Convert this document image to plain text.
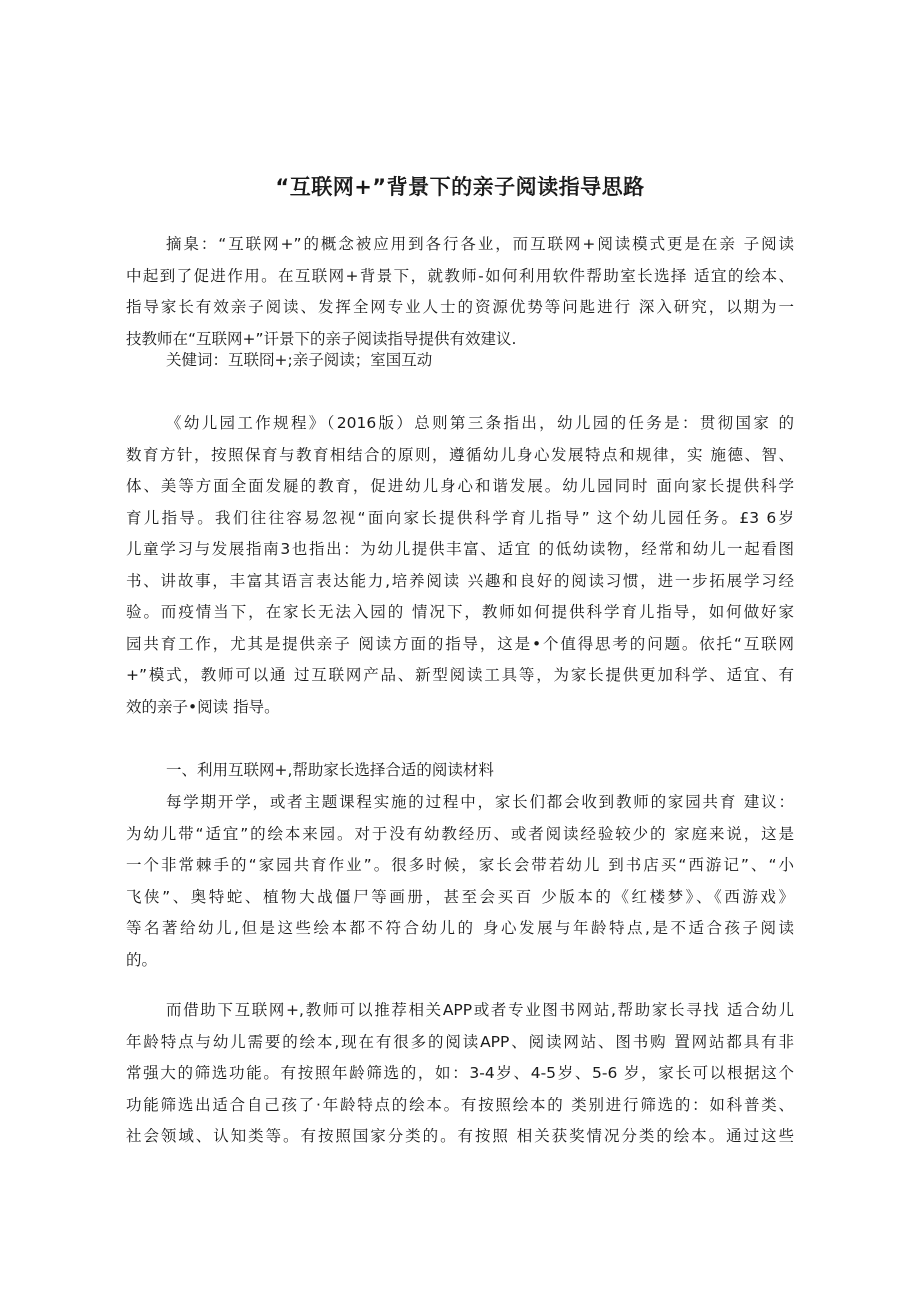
“互联网+”背景下的亲子阅读指导思路
摘臬：“互联网+”的概念被应用到各行各业，而互联网+阅读模式更是在亲 子阅读
中起到了促进作用。在互联网+背景下，就教师-如何利用软件帮助室长选择 适宜的绘本、
指导家长有效亲子阅读、发挥全网专业人士的资源优势等问匙进行 深入研究，以期为一
技教师在“互联网+”讦景下的亲子阅读指导提供有效建议.
关健词：互联冏+;亲子阅读；室国互动
《幼儿园工作规程》（2016版）总则第三条指出，幼儿园的任务是：贯彻国家 的
数育方针，按照保育与教育相结合的原则，遵循幼儿身心发展特点和规律，实 施德、智、
体、美等方面全面发屣的教育，促进幼儿身心和谐发展。幼儿园同时 面向家长提供科学
育儿指导。我们往往容易忽视“面向家长提供科学育儿指导” 这个幼儿园任务。£3 6岁
儿童学习与发展指南3也指出：为幼儿提供丰富、适宜 的低幼读物，经常和幼儿一起看图
书、讲故事，丰富其语言表达能力,培养阅读 兴趣和良好的阅读习惯，进一步拓展学习经
验。而疫情当下，在家长无法入园的 情况下，教师如何提供科学育儿指导，如何做好家
园共育工作，尤其是提供亲子 阅读方面的指导，这是•个值得思考的问题。依托“互联网
+”模式，教师可以通 过互联网产品、新型阅读工具等，为家长提供更加科学、适宜、有
效的亲子•阅读 指导。
一、利用互联网+,帮助家长选择合适的阅读材料
每学期开学，或者主题课程实施的过程中，家长们都会收到教师的家园共育 建议：
为幼儿带“适宜”的绘本来园。对于没有幼教经历、或者阅读经验较少的 家庭来说，这是
一个非常棘手的“家园共育作业”。很多时候，家长会带若幼儿 到书店买“西游记”、“小
飞侠”、奥特蛇、植物大战僵尸等画册，甚至会买百 少版本的《红楼梦》、《西游戏》
等名著给幼儿,但是这些绘本都不符合幼儿的 身心发展与年龄特点,是不适合孩子阅读
的。
而借助下互联网+,教师可以推荐相关APP或者专业图书网站,帮助家长寻找 适合幼儿
年龄特点与幼儿需要的绘本,现在有很多的阅读APP、阅读网站、图书购 置网站都具有非
常强大的筛选功能。有按照年龄筛选的，如：3-4岁、4-5岁、5-6 岁，家长可以根据这个
功能筛选出适合自己孩了·年龄特点的绘本。有按照绘本的 类别进行筛选的：如科普类、
社会领域、认知类等。有按照国家分类的。有按照 相关获奖情况分类的绘本。通过这些
